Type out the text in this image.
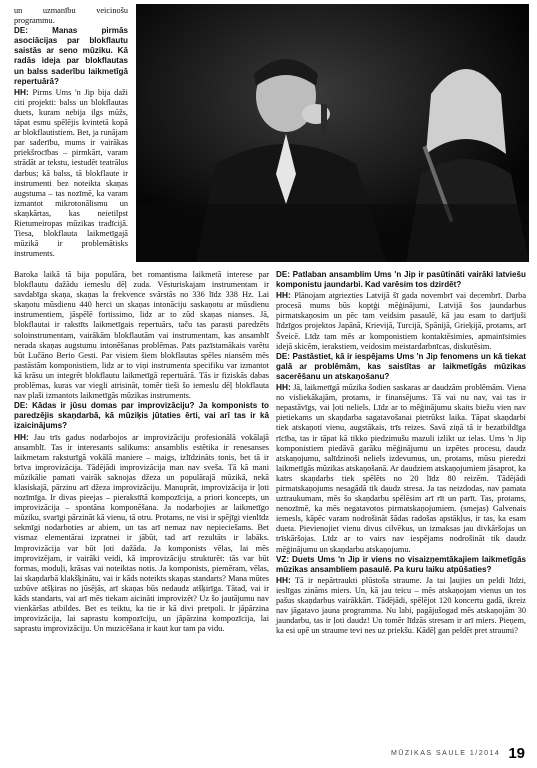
un uzmanību veicinošu programmu.

DE: Manas pirmās asociācijas par blokflautu saistās ar seno mūziku. Kā radās ideja par blokflautas un balss saderību laikmetīgā repertuārā?

HH: Pirms Ums 'n Jip bija daži citi projekti: balss un blokflautas duets, kuram nebija ilgs mūžs, tāpat esmu spēlējis kvintetā kopā ar blokflautistiem. Bet, ja runājam par saderību, mums ir vairākas priekšrocības – pirmkārt, varam strādāt ar tekstu, iestudēt teatrālus darbus; kā balss, tā blokflaute ir instrumenti bez noteikta skaņas augstuma – tas nozīmē, ka varam izmantot mikrotonālismu un skaņkārtas, kas neietilpst Rietumeiropas mūzikas tradīcijā. Tiesa, blokflauta laikmetīgajā mūzikā ir problemātisks instruments.

Baroka laikā tā bija populāra, bet romantisma laikmetā interese par blokflautu dažādu iemeslu dēļ zuda. Vēsturiskajam instrumentam ir savdabīga skaņa, skaņas la frekvence svārstās no 336 līdz 338 Hz. Lai skaņotu mūsdienu 440 herci un skaņas intonāciju saskaņotu ar mūsdienu instrumentiem, jāspēlē fortissimo, lidz ar to zūd skaņas nianses. Jā, blokflautai ir rakstīts laikmetīgais repertuārs, taču tas parasti paredzēts soloinstrumentam, vairākām blokflautām vai instrumentam, kas ansamblī nerada skaņas augstumu intonēšanas problēmas. Pats pazīstamākais varētu būt Lučāno Berio Gesti. Par visiem šiem blokflautas spēles niansēm mēs pastāstām komponistiem, lidz ar to viņi instrumenta specifiku var izmantot kā krāsu un integrēt blokflautu laikmetīgā repertuārā. Tās ir fiziskās dabas problēmas, kuras var viegli atrisināt, tomēr tieši šo iemeslu dēļ blokflauta nav plaši izmantots laikmetīgās mūzikas instruments.

DE: Kādas ir jūsu domas par improvizāciju? Ja komponists to paredzējis skaņdarbā, kā mūziķis jūtaties ērti, vai arī tas ir kā izaicinājums?

HH: Jau trīs gadus nodarbojos ar improvizāciju profesionālā vokālajā ansamblī. Tas ir interesants salikums: ansamblis estētika ir renesanses laikmetam raksturīgā vokālā maniere – maigs, izlīdzināts tonis, bet tā ir brīva improvizācija. Tādējādi improvizācija man nav sveša. Tā kā mani mūzikālie pamati vairāk saknojas džeza un populārajā mūzikā, nekā klasiskajā, pārzinu arī džeza improvizāciju. Manuprāt, improvizācija ir ļoti nozīmīga. Ir divas pieejas – pierakstītā kompozīcija, a priori koncepts, un improvizācija – spontāna komponēšana. Ja nodarbojies ar laikmetīgo mūziku, svarīgi pārzināt kā vienu, tā otru. Protams, ne visi ir spējīgi vienlīdz sekmīgi nodarboties ar abiem, un tas arī nemaz nav nepieciešams. Bet vismaz elementārai izpratnei ir jābūt, tad arī rezultāts ir labāks. Improvizācija var būt ļoti dažāda. Ja komponists vēlas, lai mēs improvizējam, ir vairāki veidi, kā improvizāciju strukturēt: tās var būt formas, moduļi, krāsas vai noteiktas notis. Ja komponists, piemēram, vēlas, lai skaņdarbā klakšķinātu, vai ir kāds noteikts skaņas standarts? Mana mūtes uzbūve atšķiras no jūsējās, arī skaņas būs nedaudz atšķirīga. Tātad, vai ir kāds standarts, vai arī mēs tiekam aicināti improvizēt? Uz šo jautājumu nav vienkāršas atbildes. Bet es teiktu, ka tie ir kā divi pretpoli. Ir jāpārzina improvizācija, lai saprastu kompozīciju, un jāpārzina kompozīcija, lai saprastu improvizāciju. Un muzicēšana ir kaut kur tam pa vidu.

DE: Patlaban ansamblim Ums 'n Jip ir pasūtināti vairāki latviešu komponistu jaundarbi. Kad varēsim tos dzirdēt?

HH: Plānojam atgriezties Latvijā šī gada novembrī vai decembrī. Darba procesā mums būs koptģi mēģinājumi, Latvijā šos jaundarbus pirmatskaņosim un pēc tam veidsim pasaulē, kā jau esam to darījuši līdzīgos projektos Japānā, Krievijā, Turcijā, Spānijā, Grieķijā, protams, arī Šveicē. Līdz tam mēs ar komponistiem kontaktēsimies, apmainīsimies idejā skicēm, ierakstiem, veidosim meistardarbnīcas, diskutēsim.

DE: Pastāstiet, kā ir iespējams Ums 'n Jip fenomens un kā tiekat galā ar problēmām, kas saistītas ar laikmetīgās mūzikas sacerēšanu un atskaņošanu?

HH: Jā, laikmetīgā mūzika šodien saskaras ar daudzām problēmām. Viena no visliekākajām, protams, ir finansējums. Tā vai nu nav, vai tas ir nepastāvīgs, vai ļoti neliels. Līdz ar to mēģinājumu skaits biežu vien nav pietiekams un skaņdarba sagatavošanai pietrūkst laika. Tāpat skaņdarbi tiek atskaņoti vienu, augstākais, trīs reizes. Savā ziņā tā ir bezatbildīga rīcība, tas ir tāpat kā tikko piedzimušu mazuli izlikt uz ielas. Ums 'n Jip komponistiem piedāvā garāku mēģinājumu un izpētes procesu, daudz atskaņojumu, salīdzinoši neliels izdevumus, un, protams, mūsu pieredzi laikmetīgās mūzikas atskaņošanā. Ar daudziem atskaņojumiem jāsaprot, ka katrs skaņdarbs tiek spēlēts no 20 līdz 80 reizēm. Tādējādi pirmatskaņojums nesagādā tik daudz stresa. Ja tas neizdodas, nav pamata uztraukumam, mēs šo skaņdarbu spēlēsim arī rīt un parīt. Tas, protams, nenozīmē, ka mēs negatavotos pirmatskaņojumiem. (smejas) Galvenais iemesls, kāpēc varam nodrošināt šādas radošas apstākļus, ir tas, ka esam dueta. Pievienojiet vienu divus cilvēkus, un izmaksas jau divkāršojas un trīskāršojas. Līdz ar to vairs nav iespējams nodrošināt tik daudz mēģinājumu un skaņdarbu atskaņojumu.

VZ: Duets Ums 'n Jip ir viens no visaizņemtākajiem laikmetīgās mūzikas ansambliem pasaulē. Pa kuru laiku atpūšaties?

HH: Tā ir nepārtraukti plūstoša straume. Ja tai ļaujies un peldi līdzi, ieslīgas zināms miers. Un, kā jau teicu – mēs atskaņojam vienus un tos pašus skaņdarbus vairākkārt. Tādējādi, spēlējot 120 koncertu gadā, ikreiz nav jāgatavo jauna programma. Nu labi, pagājušogad mēs atskaņojām 30 jaundarbu, tas ir ļoti daudz! Un tomēr līdzās stresam ir arī miers. Pieņem, ka esi upē un straume tevi nes uz priekšu. Kādēļ gan peldēt pret straumi?

MŪZIKAS SAULE 1/2014 19
